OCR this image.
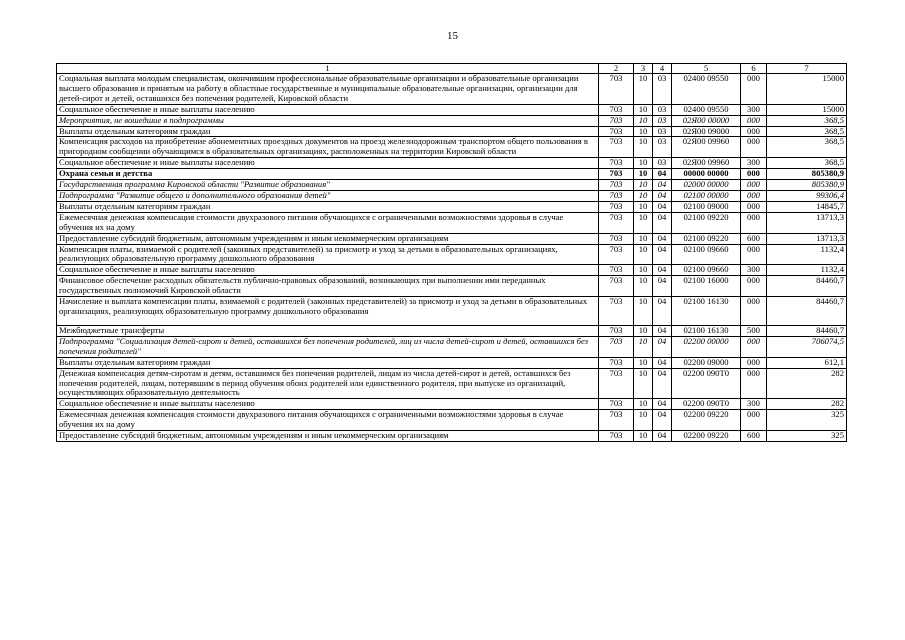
15
1	2	3	4	5	6	7
Социальная выплата молодым специалистам, окончившим профессиональные образовательные организации и образовательные организации высшего образования и принятым на работу в областные государственные и муниципальные образовательные организации, организации для детей-сирот и детей, оставшихся без попечения родителей, Кировской области	703	10	03	02400 09550	000	15000
Социальное обеспечение и иные выплаты населению	703	10	03	02400 09550	300	15000
Мероприятия, не вошедшие в подпрограммы	703	10	03	02Я00 00000	000	368,5
Выплаты отдельным категориям граждан	703	10	03	02Я00 09000	000	368,5
Компенсация расходов на приобретение абонементных проездных документов на проезд железнодорожным транспортом общего пользования в пригородном сообщении обучающимся в образовательных организациях, расположенных на территории Кировской области	703	10	03	02Я00 09960	000	368,5
Социальное обеспечение и иные выплаты населению	703	10	03	02Я00 09960	300	368,5
Охрана семьи и детства	703	10	04	00000 00000	000	805380,9
Государственная программа Кировской области "Развитие образования"	703	10	04	02000 00000	000	805380,9
Подпрограмма "Развитие общего и дополнительного образования детей"	703	10	04	02100 00000	000	99306,4
Выплаты отдельным категориям граждан	703	10	04	02100 09000	000	14845,7
Ежемесячная денежная компенсация стоимости двухразового питания обучающихся с ограниченными возможностями здоровья в случае обучения их на дому	703	10	04	02100 09220	000	13713,3
Предоставление субсидий бюджетным, автономным учреждениям и иным некоммерческим организациям	703	10	04	02100 09220	600	13713,3
Компенсация платы, взимаемой с родителей (законных представителей) за присмотр и уход за детьми в образовательных организациях, реализующих образовательную программу дошкольного образования	703	10	04	02100 09660	000	1132,4
Социальное обеспечение и иные выплаты населению	703	10	04	02100 09660	300	1132,4
Финансовое обеспечение расходных обязательств публично-правовых образований, возникающих при выполнении ими переданных государственных полномочий Кировской области	703	10	04	02100 16000	000	84460,7
Начисление и выплата компенсации платы, взимаемой с родителей (законных представителей) за присмотр и уход за детьми в образовательных организациях, реализующих образовательную программу дошкольного образования	703	10	04	02100 16130	000	84460,7
Межбюджетные трансферты	703	10	04	02100 16130	500	84460,7
Подпрограмма "Социализация детей-сирот и детей, оставшихся без попечения родителей, лиц из числа детей-сирот и детей, оставшихся без попечения родителей"	703	10	04	02200 00000	000	706074,5
Выплаты отдельным категориям граждан	703	10	04	02200 09000	000	612,1
Денежная компенсация детям-сиротам и детям, оставшимся без попечения родителей, лицам из числа детей-сирот и детей, оставшихся без попечения родителей, лицам, потерявшим в период обучения обоих родителей или единственного родителя, при выпуске из организаций, осуществляющих образовательную деятельность	703	10	04	02200 090Т0	000	282
Социальное обеспечение и иные выплаты населению	703	10	04	02200 090Т0	300	282
Ежемесячная денежная компенсация стоимости двухразового питания обучающихся с ограниченными возможностями здоровья в случае обучения их на дому	703	10	04	02200 09220	000	325
Предоставление субсидий бюджетным, автономным учреждениям и иным некоммерческим организациям	703	10	04	02200 09220	600	325
